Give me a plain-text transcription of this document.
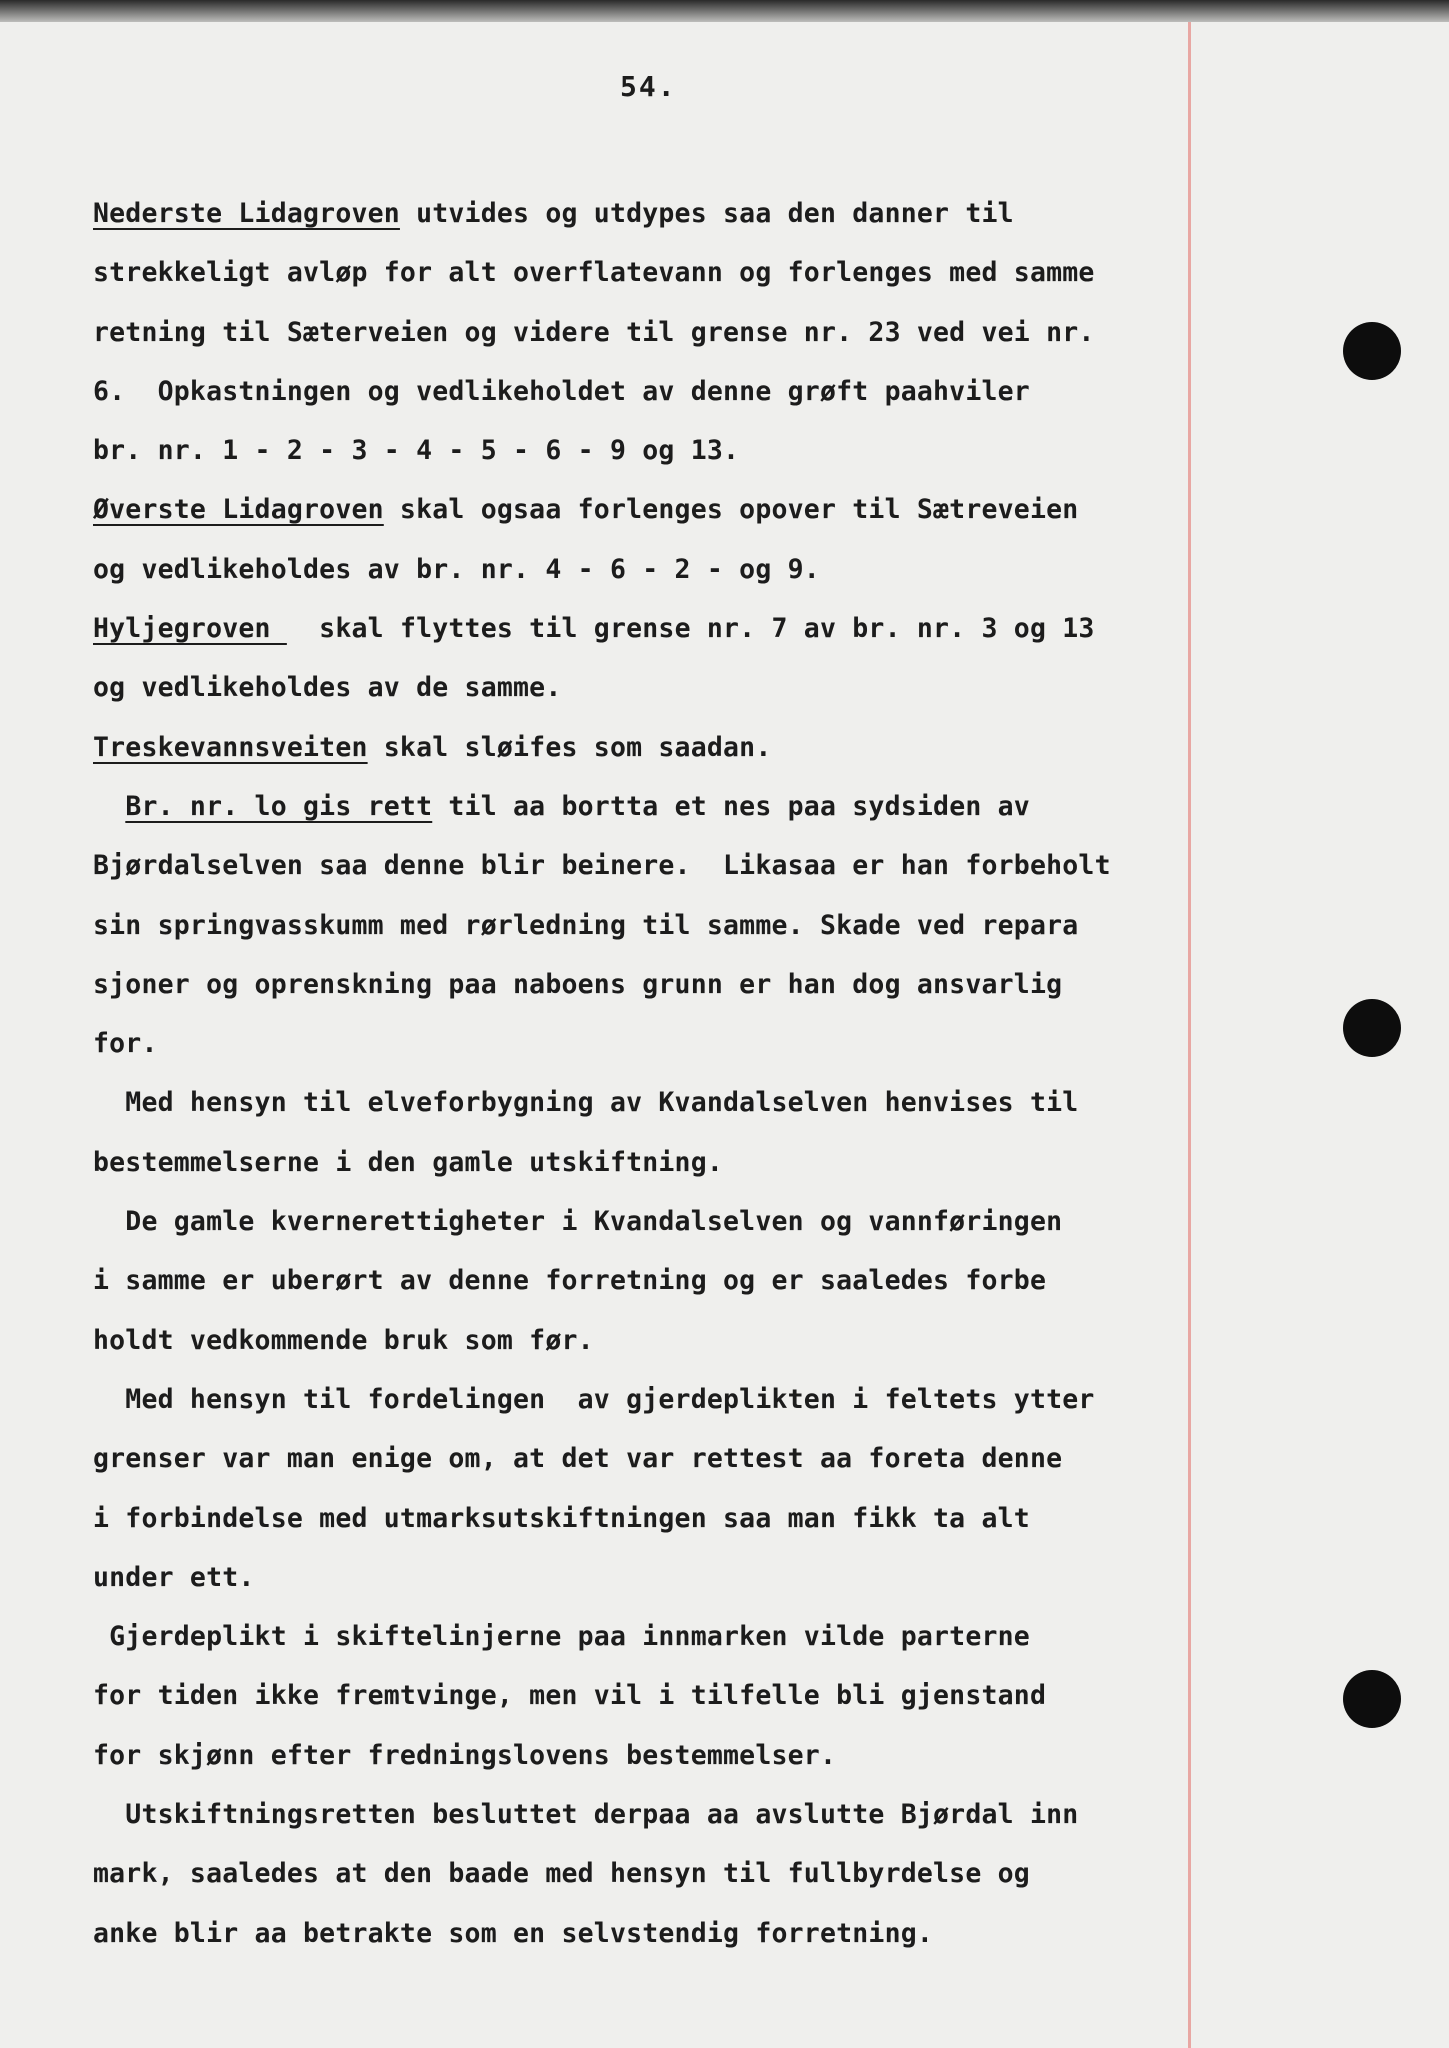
54.
Nederste Lidagroven utvides og utdypes saa den danner til
strekkeligt avløp for alt overflatevann og forlenges med samme
retning til Sæterveien og videre til grense nr. 23 ved vei nr.
6.  Opkastningen og vedlikeholdet av denne grøft paahviler
br. nr. 1 - 2 - 3 - 4 - 5 - 6 - 9 og 13.
Øverste Lidagroven skal ogsaa forlenges opover til Sætreveien
og vedlikeholdes av br. nr. 4 - 6 - 2 - og 9.
Hyljegroven   skal flyttes til grense nr. 7 av br. nr. 3 og 13
og vedlikeholdes av de samme.
Treskevannsveiten skal sløifes som saadan.
Br. nr. lo gis rett til aa bortta et nes paa sydsiden av
Bjørdalselven saa denne blir beinere.  Likasaa er han forbeholt
sin springvasskumm med rørledning til samme. Skade ved repara
sjoner og oprenskning paa naboens grunn er han dog ansvarlig
for.
Med hensyn til elveforbygning av Kvandalselven henvises til
bestemmelserne i den gamle utskiftning.
De gamle kvernerettigheter i Kvandalselven og vannføringen
i samme er uberørt av denne forretning og er saaledes forbe
holdt vedkommende bruk som før.
Med hensyn til fordelingen  av gjerdeplikten i feltets ytter
grenser var man enige om, at det var rettest aa foreta denne
i forbindelse med utmarksutskiftningen saa man fikk ta alt
under ett.
Gjerdeplikt i skiftelinjerne paa innmarken vilde parterne
for tiden ikke fremtvinge, men vil i tilfelle bli gjenstand
for skjønn efter fredningslovens bestemmelser.
Utskiftningsretten besluttet derpaa aa avslutte Bjørdal inn
mark, saaledes at den baade med hensyn til fullbyrdelse og
anke blir aa betrakte som en selvstendig forretning.
